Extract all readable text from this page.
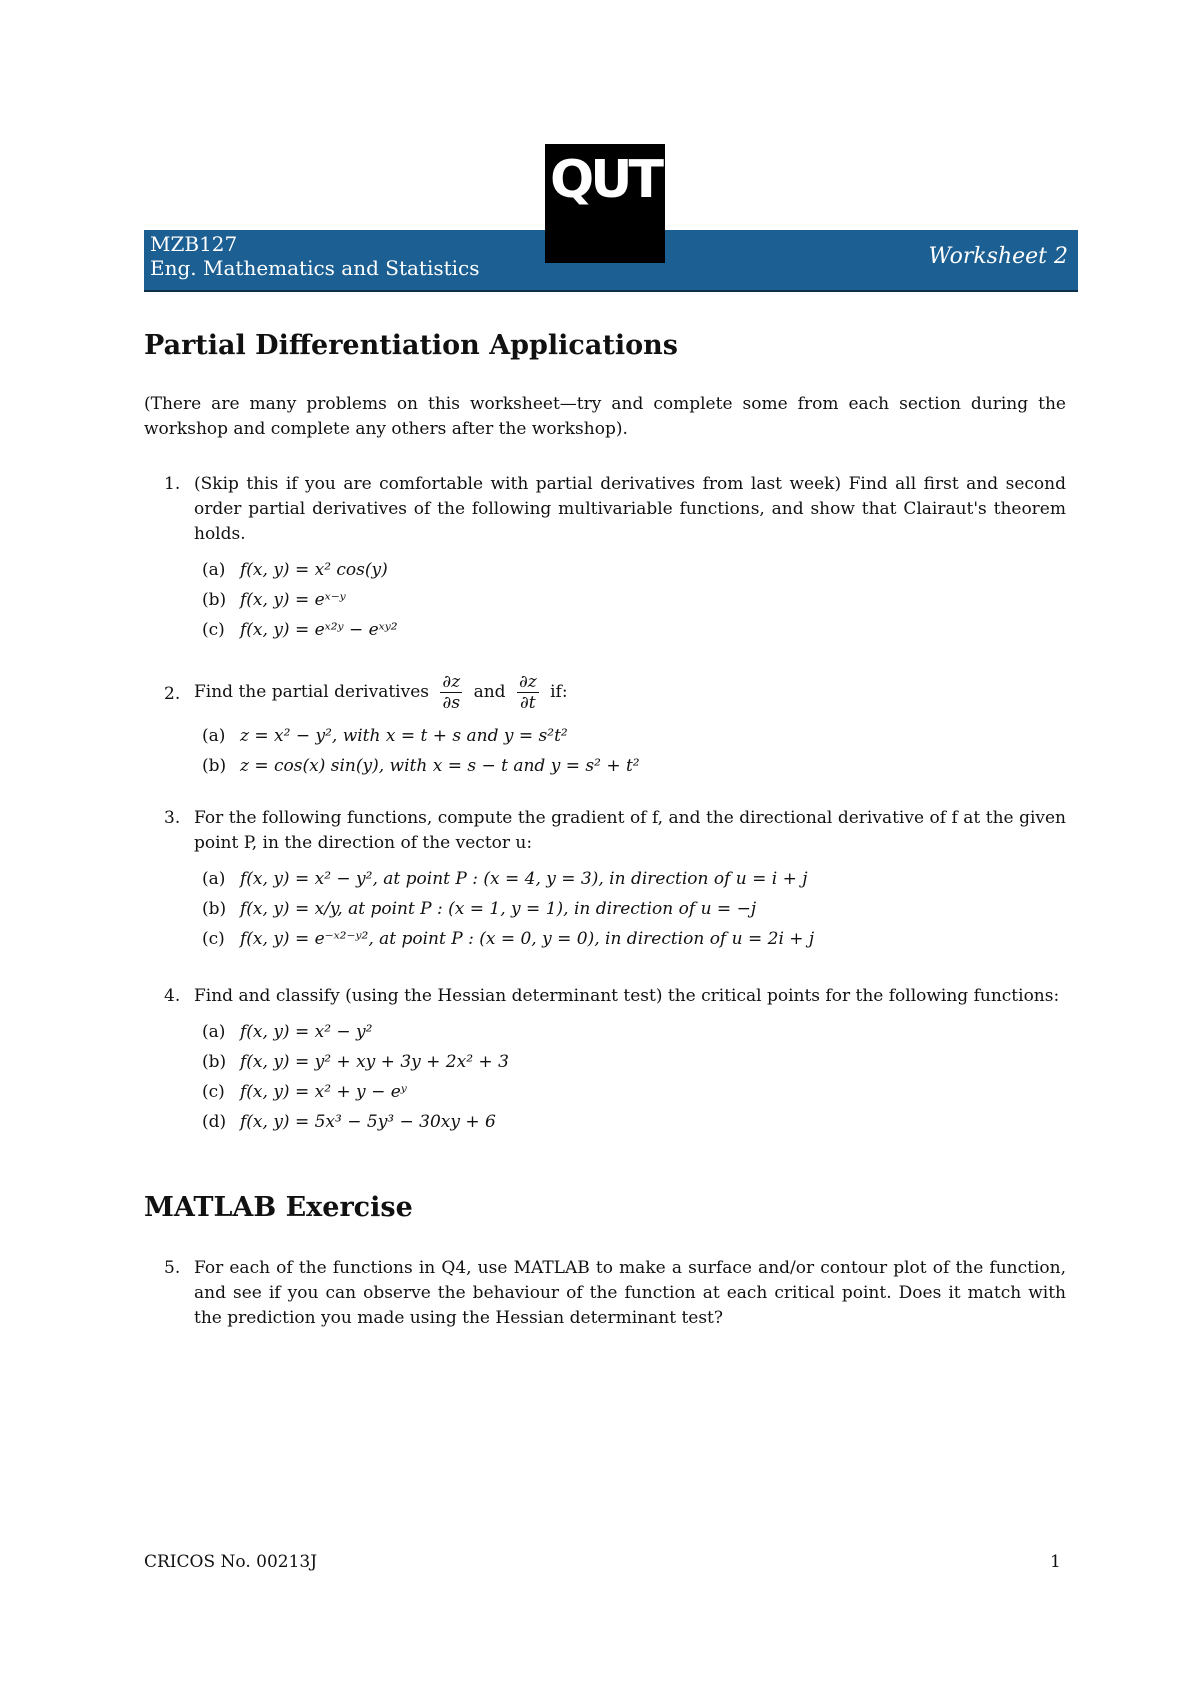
QUT
MZB127
Eng. Mathematics and Statistics	Worksheet 2
Partial Differentiation Applications

(There are many problems on this worksheet—try and complete some from each section during the workshop and complete any others after the workshop).

1. (Skip this if you are comfortable with partial derivatives from last week) Find all first and second order partial derivatives of the following multivariable functions, and show that Clairaut's theorem holds.
(a) f(x, y) = x² cos(y)
(b) f(x, y) = eˣ⁻ʸ
(c) f(x, y) = eˣ²ʸ − eˣʸ²
2. Find the partial derivatives $\frac{\partial z}{\partial s}$ and $\frac{\partial z}{\partial t}$ if:
(a) z = x² − y², with x = t + s and y = s²t²
(b) z = cos(x) sin(y), with x = s − t and y = s² + t²
3. For the following functions, compute the gradient of f, and the directional derivative of f at the given point P, in the direction of the vector u:
(a) f(x, y) = x² − y², at point P : (x = 4, y = 3), in direction of u = i + j
(b) f(x, y) = x/y, at point P : (x = 1, y = 1), in direction of u = −j
(c) f(x, y) = e⁻ˣ²⁻ʸ², at point P : (x = 0, y = 0), in direction of u = 2i + j
4. Find and classify (using the Hessian determinant test) the critical points for the following functions:
(a) f(x, y) = x² − y²
(b) f(x, y) = y² + xy + 3y + 2x² + 3
(c) f(x, y) = x² + y − eʸ
(d) f(x, y) = 5x³ − 5y³ − 30xy + 6
MATLAB Exercise
5. For each of the functions in Q4, use MATLAB to make a surface and/or contour plot of the function, and see if you can observe the behaviour of the function at each critical point. Does it match with the prediction you made using the Hessian determinant test?
CRICOS No. 00213J	1
